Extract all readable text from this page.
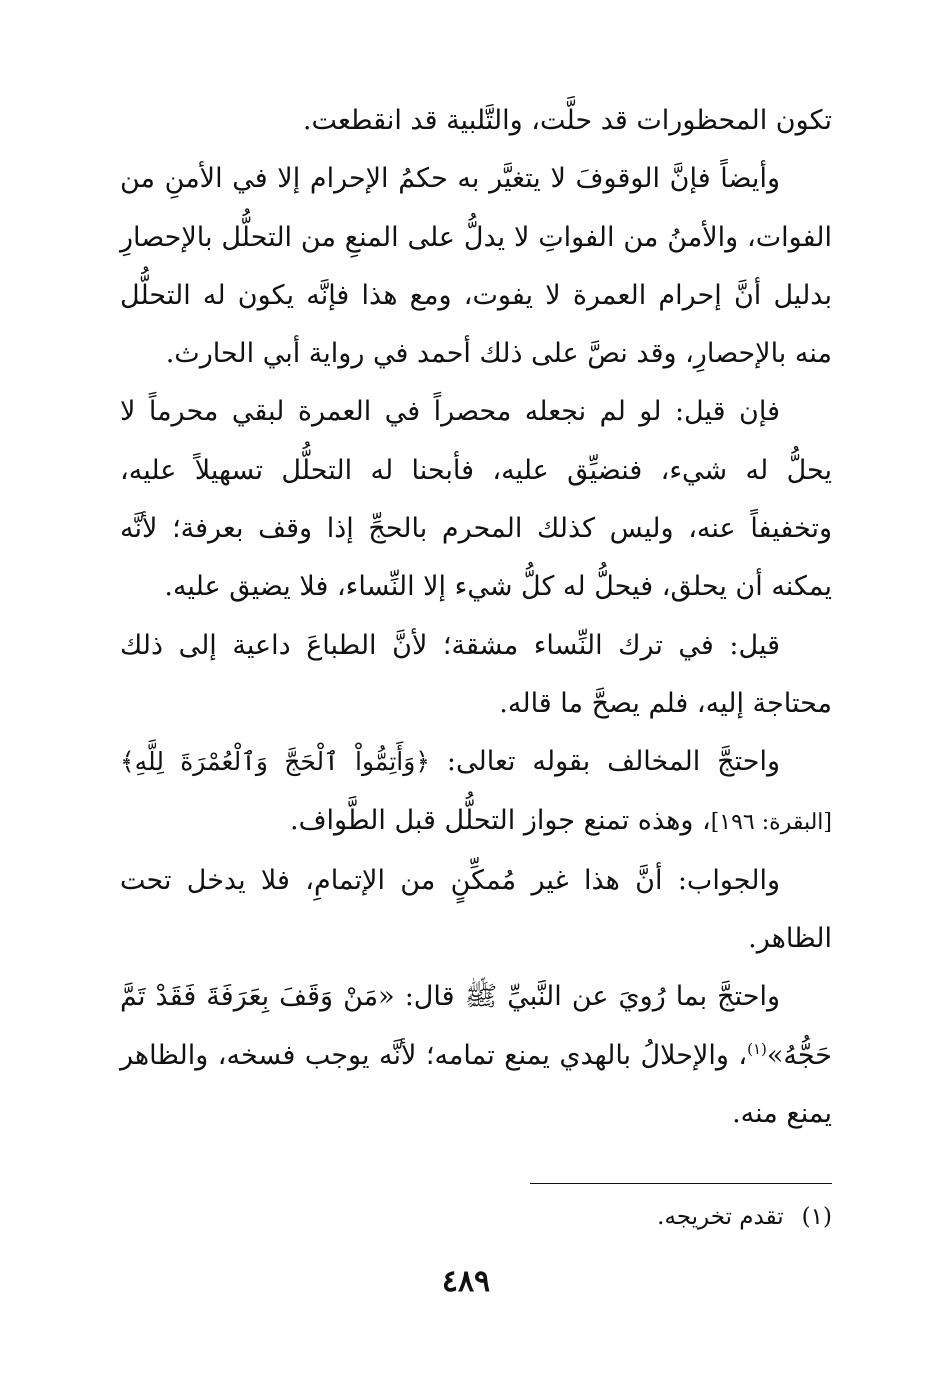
تكون المحظورات قد حلَّت، والتَّلبية قد انقطعت.

وأيضاً فإنَّ الوقوفَ لا يتغيَّر به حكمُ الإحرام إلا في الأمنِ من الفوات، والأمنُ من الفواتِ لا يدلُّ على المنعِ من التحلُّل بالإحصارِ بدليل أنَّ إحرام العمرة لا يفوت، ومع هذا فإنَّه يكون له التحلُّل منه بالإحصارِ، وقد نصَّ على ذلك أحمد في رواية أبي الحارث.

فإن قيل: لو لم نجعله محصراً في العمرة لبقي محرماً لا يحلُّ له شيء، فنضيِّق عليه، فأبحنا له التحلُّل تسهيلاً عليه، وتخفيفاً عنه، وليس كذلك المحرم بالحجِّ إذا وقف بعرفة؛ لأنَّه يمكنه أن يحلق، فيحلُّ له كلُّ شيء إلا النِّساء، فلا يضيق عليه.

قيل: في ترك النِّساء مشقة؛ لأنَّ الطباعَ داعية إلى ذلك محتاجة إليه، فلم يصحَّ ما قاله.

واحتجَّ المخالف بقوله تعالى: ﴿وَأَتِمُّواْ ٱلْحَجَّ وَٱلْعُمْرَةَ لِلَّهِ﴾[البقرة: ١٩٦]، وهذه تمنع جواز التحلُّل قبل الطَّواف.

والجواب: أنَّ هذا غير مُمكِّنٍ من الإتمامِ، فلا يدخل تحت الظاهر.

واحتجَّ بما رُويَ عن النَّبيِّ ﷺ قال: «مَنْ وَقَفَ بِعَرَفَةَ فَقَدْ تَمَّ حَجُّهُ»$^{(١)}$، والإحلالُ بالهدي يمنع تمامه؛ لأنَّه يوجب فسخه، والظاهر يمنع منه.

(١)تقدم تخريجه.
٤٨٩
